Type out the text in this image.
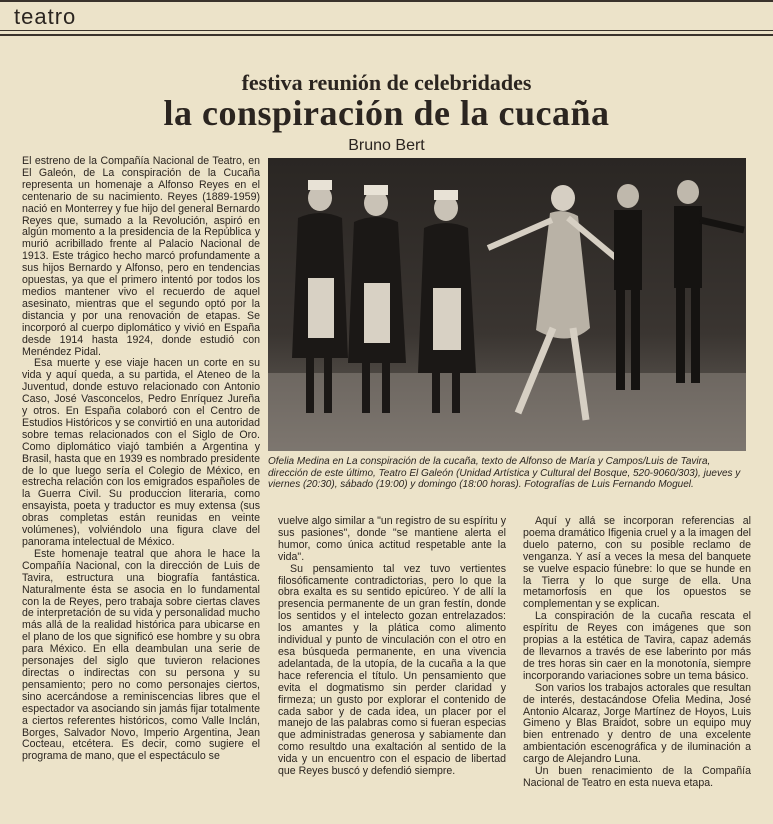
teatro
festiva reunión de celebridades
la conspiración de la cucaña
Bruno Bert

El estreno de la Compañía Nacional de Teatro, en El Galeón, de La conspiración de la Cucaña representa un homenaje a Alfonso Reyes en el centenario de su nacimiento. Reyes (1889-1959) nació en Monterrey y fue hijo del general Bernardo Reyes que, sumado a la Revolución, aspiró en algún momento a la presidencia de la República y murió acribillado frente al Palacio Nacional de 1913. Este trágico hecho marcó profundamente a sus hijos Bernardo y Alfonso, pero en tendencias opuestas, ya que el primero intentó por todos los medios mantener vivo el recuerdo de aquel asesinato, mientras que el segundo optó por la distancia y por una renovación de etapas. Se incorporó al cuerpo diplomático y vivió en España desde 1914 hasta 1924, donde estudió con Menéndez Pidal.

Esa muerte y ese viaje hacen un corte en su vida y aquí queda, a su partida, el Ateneo de la Juventud, donde estuvo relacionado con Antonio Caso, José Vasconcelos, Pedro Enríquez Jureña y otros. En España colaboró con el Centro de Estudios Históricos y se convirtió en una autoridad sobre temas relacionados con el Siglo de Oro. Como diplomático viajó también a Argentina y Brasil, hasta que en 1939 es nombrado presidente de lo que luego sería el Colegio de México, en estrecha relación con los emigrados españoles de la Guerra Civil. Su produccion literaria, como ensayista, poeta y traductor es muy extensa (sus obras completas están reunidas en veinte volúmenes), volviéndolo una figura clave del panorama intelectual de México.

Este homenaje teatral que ahora le hace la Compañía Nacional, con la dirección de Luis de Tavira, estructura una biografía fantástica. Naturalmente ésta se asocia en lo fundamental con la de Reyes, pero trabaja sobre ciertas claves de interpretación de su vida y personalidad mucho más allá de la realidad histórica para ubicarse en el plano de los que significó ese hombre y su obra para México. En ella deambulan una serie de personajes del siglo que tuvieron relaciones directas o indirectas con su persona y su pensamiento; pero no como personajes ciertos, sino acercándose a reminiscencias libres que el espectador va asociando sin jamás fijar totalmente a ciertos referentes históricos, como Valle Inclán, Borges, Salvador Novo, Imperio Argentina, Jean Cocteau, etcétera. Es decir, como sugiere el programa de mano, que el espectáculo se

Ofelia Medina en La conspiración de la cucaña, texto de Alfonso de María y Campos/Luis de Tavira, dirección de este último, Teatro El Galeón (Unidad Artística y Cultural del Bosque, 520-9060/303), jueves y viernes (20:30), sábado (19:00) y domingo (18:00 horas). Fotografías de Luis Fernando Moguel.

vuelve algo similar a "un registro de su espíritu y sus pasiones", donde "se mantiene alerta el humor, como única actitud respetable ante la vida".

Su pensamiento tal vez tuvo vertientes filosóficamente contradictorias, pero lo que la obra exalta es su sentido epicúreo. Y de allí la presencia permanente de un gran festín, donde los sentidos y el intelecto gozan entrelazados: los amantes y la plática como alimento individual y punto de vinculación con el otro en esa búsqueda permanente, en una vivencia adelantada, de la utopía, de la cucaña a la que hace referencia el título. Un pensamiento que evita el dogmatismo sin perder claridad y firmeza; un gusto por explorar el contenido de cada sabor y de cada idea, un placer por el manejo de las palabras como si fueran especias que administradas generosa y sabiamente dan como resultdo una exaltación al sentido de la vida y un encuentro con el espacio de libertad que Reyes buscó y defendió siempre.

Aquí y allá se incorporan referencias al poema dramático Ifigenia cruel y a la imagen del duelo paterno, con su posible reclamo de venganza. Y así a veces la mesa del banquete se vuelve espacio fúnebre: lo que se hunde en la Tierra y lo que surge de ella. Una metamorfosis en que los opuestos se complementan y se explican.

La conspiración de la cucaña rescata el espíritu de Reyes con imágenes que son propias a la estética de Tavira, capaz además de llevarnos a través de ese laberinto por más de tres horas sin caer en la monotonía, siempre incorporando variaciones sobre un tema básico.

Son varios los trabajos actorales que resultan de interés, destacándose Ofelia Medina, José Antonio Alcaraz, Jorge Martínez de Hoyos, Luis Gimeno y Blas Braidot, sobre un equipo muy bien entrenado y dentro de una excelente ambientación escenográfica y de iluminación a cargo de Alejandro Luna.

Un buen renacimiento de la Compañía Nacional de Teatro en esta nueva etapa.
